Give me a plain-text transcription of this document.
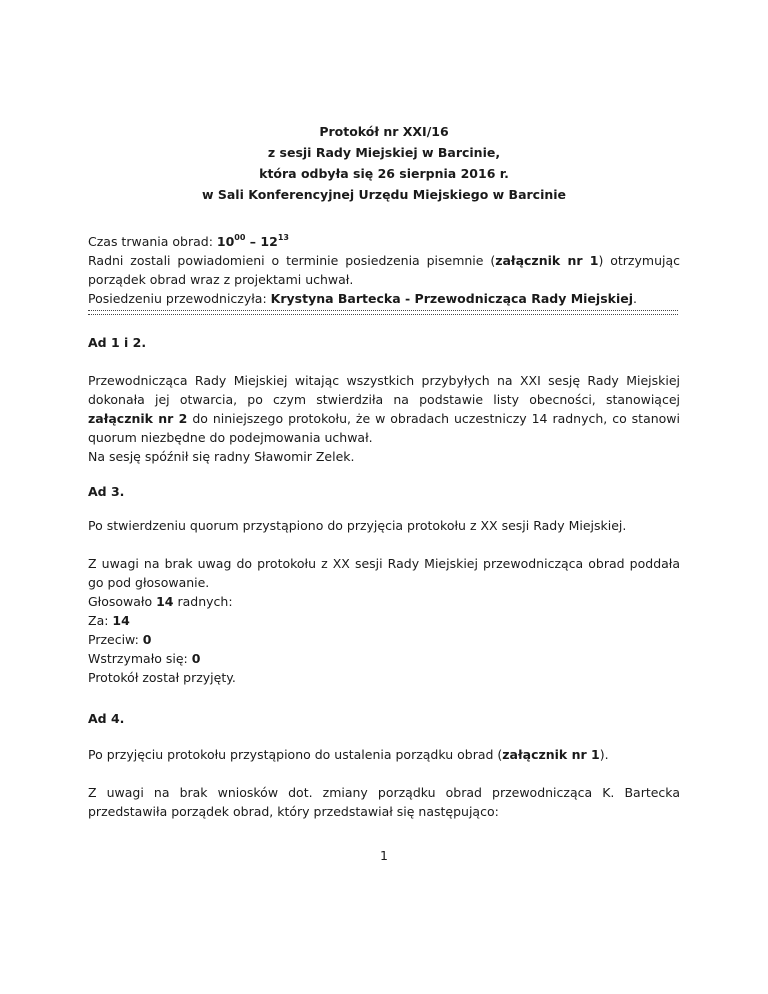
Protokół nr XXI/16
z sesji Rady Miejskiej w Barcinie,
która odbyła się 26 sierpnia 2016 r.
w Sali Konferencyjnej Urzędu Miejskiego w Barcinie

Czas trwania obrad: $10^{00} - 12^{13}$

Radni zostali powiadomieni o terminie posiedzenia pisemnie (załącznik nr 1) otrzymując porządek obrad wraz z projektami uchwał.

Posiedzeniu przewodniczyła: Krystyna Bartecka - Przewodnicząca Rady Miejskiej.

Ad 1 i 2.

Przewodnicząca Rady Miejskiej witając wszystkich przybyłych na XXI sesję Rady Miejskiej dokonała jej otwarcia, po czym stwierdziła na podstawie listy obecności, stanowiącej załącznik nr 2 do niniejszego protokołu, że w obradach uczestniczy 14 radnych, co stanowi quorum niezbędne do podejmowania uchwał.

Na sesję spóźnił się radny Sławomir Zelek.

Ad 3.
Po stwierdzeniu quorum przystąpiono do przyjęcia protokołu z XX sesji Rady Miejskiej.

Z uwagi na brak uwag do protokołu z XX sesji Rady Miejskiej przewodnicząca obrad poddała go pod głosowanie.

Głosowało 14 radnych:

Za: 14

Przeciw: 0

Wstrzymało się: 0

Protokół został przyjęty.

Ad 4.
Po przyjęciu protokołu przystąpiono do ustalenia porządku obrad (załącznik nr 1).
Z uwagi na brak wniosków dot. zmiany porządku obrad przewodnicząca K. Bartecka przedstawiła porządek obrad, który przedstawiał się następująco:
1
